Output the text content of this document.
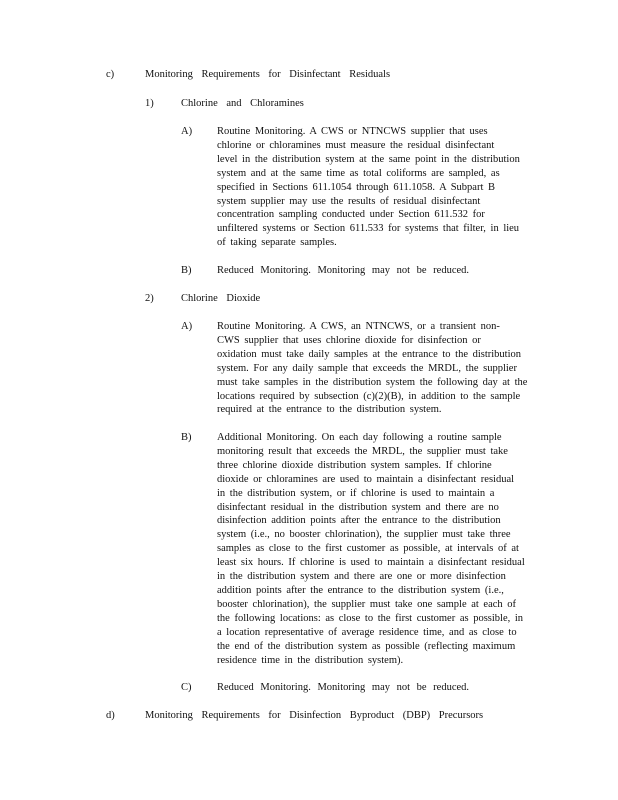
c)	Monitoring Requirements for Disinfectant Residuals
1)	Chlorine and Chloramines
A) Routine Monitoring. A CWS or NTNCWS supplier that uses
chlorine or chloramines must measure the residual disinfectant
level in the distribution system at the same point in the distribution
system and at the same time as total coliforms are sampled, as
specified in Sections 611.1054 through 611.1058. A Subpart B
system supplier may use the results of residual disinfectant
concentration sampling conducted under Section 611.532 for
unfiltered systems or Section 611.533 for systems that filter, in lieu
of taking separate samples.
B) Reduced Monitoring. Monitoring may not be reduced.
2)	Chlorine Dioxide
A) Routine Monitoring. A CWS, an NTNCWS, or a transient non-
CWS supplier that uses chlorine dioxide for disinfection or
oxidation must take daily samples at the entrance to the distribution
system. For any daily sample that exceeds the MRDL, the supplier
must take samples in the distribution system the following day at the
locations required by subsection (c)(2)(B), in addition to the sample
required at the entrance to the distribution system.
B) Additional Monitoring. On each day following a routine sample
monitoring result that exceeds the MRDL, the supplier must take
three chlorine dioxide distribution system samples. If chlorine
dioxide or chloramines are used to maintain a disinfectant residual
in the distribution system, or if chlorine is used to maintain a
disinfectant residual in the distribution system and there are no
disinfection addition points after the entrance to the distribution
system (i.e., no booster chlorination), the supplier must take three
samples as close to the first customer as possible, at intervals of at
least six hours. If chlorine is used to maintain a disinfectant residual
in the distribution system and there are one or more disinfection
addition points after the entrance to the distribution system (i.e.,
booster chlorination), the supplier must take one sample at each of
the following locations: as close to the first customer as possible, in
a location representative of average residence time, and as close to
the end of the distribution system as possible (reflecting maximum
residence time in the distribution system).
C) Reduced Monitoring. Monitoring may not be reduced.
d)	Monitoring Requirements for Disinfection Byproduct (DBP) Precursors
